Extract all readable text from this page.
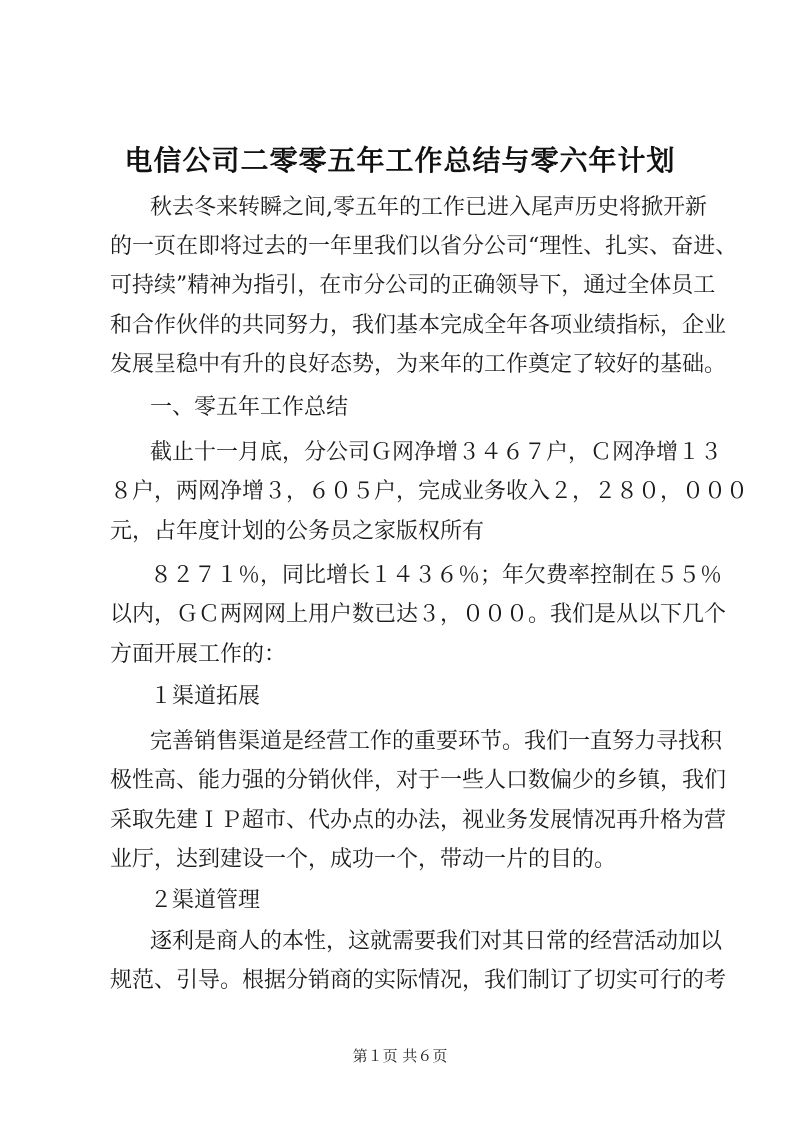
电信公司二零零五年工作总结与零六年计划
秋去冬来转瞬之间,零五年的工作已进入尾声历史将掀开新
的一页在即将过去的一年里我们以省分公司“理性、扎实、奋进、
可持续”精神为指引，在市分公司的正确领导下，通过全体员工
和合作伙伴的共同努力，我们基本完成全年各项业绩指标，企业
发展呈稳中有升的良好态势，为来年的工作奠定了较好的基础。
一、零五年工作总结
截止十一月底，分公司Ｇ网净增３４６７户，Ｃ网净增１３
８户，两网净增３，６０５户，完成业务收入２，２８０，０００
元，占年度计划的公务员之家版权所有
８２７１％，同比增长１４３６％；年欠费率控制在５５％
以内，ＧＣ两网网上用户数已达３，０００。我们是从以下几个
方面开展工作的：
１渠道拓展
完善销售渠道是经营工作的重要环节。我们一直努力寻找积
极性高、能力强的分销伙伴，对于一些人口数偏少的乡镇，我们
采取先建ＩＰ超市、代办点的办法，视业务发展情况再升格为营
业厅，达到建设一个，成功一个，带动一片的目的。
２渠道管理
逐利是商人的本性，这就需要我们对其日常的经营活动加以
规范、引导。根据分销商的实际情况，我们制订了切实可行的考
第１页 共６页
